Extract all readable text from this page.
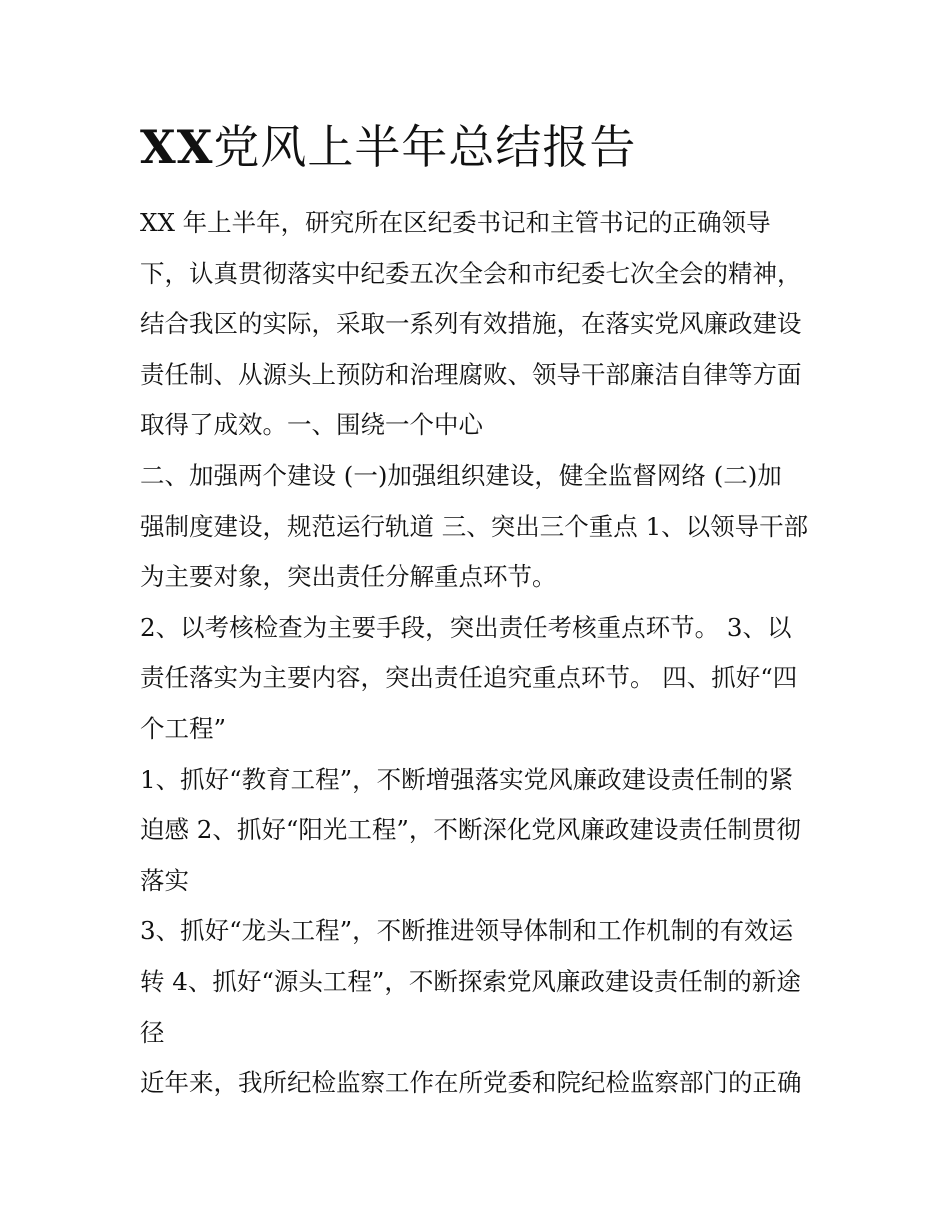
XX党风上半年总结报告
XX 年上半年，研究所在区纪委书记和主管书记的正确领导
下，认真贯彻落实中纪委五次全会和市纪委七次全会的精神，
结合我区的实际，采取一系列有效措施，在落实党风廉政建设
责任制、从源头上预防和治理腐败、领导干部廉洁自律等方面
取得了成效。一、围绕一个中心
二、加强两个建设 (一)加强组织建设，健全监督网络 (二)加
强制度建设，规范运行轨道 三、突出三个重点 1、以领导干部
为主要对象，突出责任分解重点环节。
2、以考核检查为主要手段，突出责任考核重点环节。 3、以
责任落实为主要内容，突出责任追究重点环节。 四、抓好“四
个工程”
1、抓好“教育工程”，不断增强落实党风廉政建设责任制的紧
迫感 2、抓好“阳光工程”，不断深化党风廉政建设责任制贯彻
落实
3、抓好“龙头工程”，不断推进领导体制和工作机制的有效运
转 4、抓好“源头工程”，不断探索党风廉政建设责任制的新途
径
近年来，我所纪检监察工作在所党委和院纪检监察部门的正确
